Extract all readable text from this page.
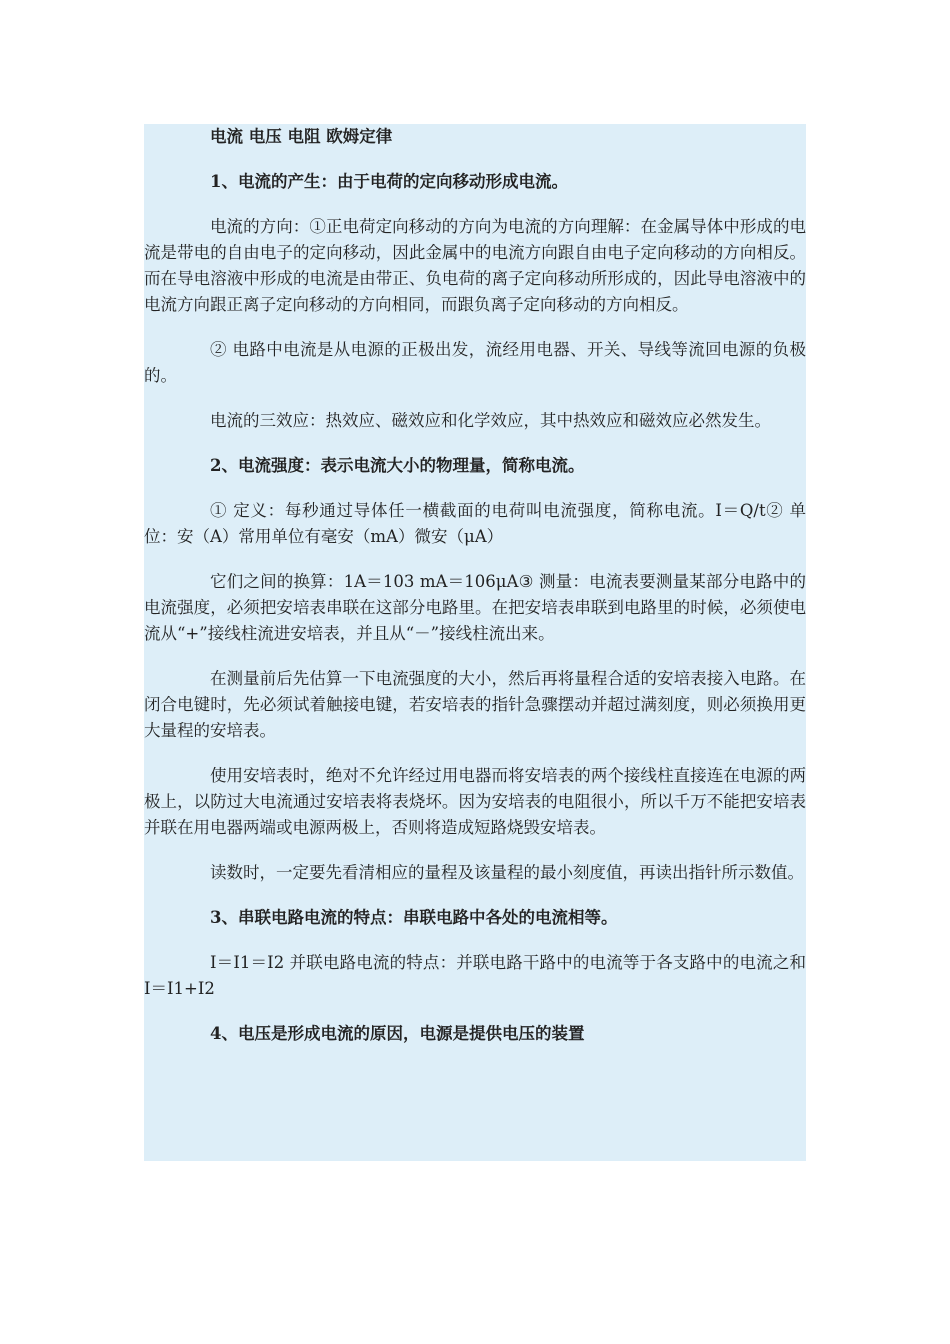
电流 电压 电阻 欧姆定律

1、电流的产生：由于电荷的定向移动形成电流。

电流的方向：①正电荷定向移动的方向为电流的方向理解：在金属导体中形成的电流是带电的自由电子的定向移动，因此金属中的电流方向跟自由电子定向移动的方向相反。而在导电溶液中形成的电流是由带正、负电荷的离子定向移动所形成的，因此导电溶液中的电流方向跟正离子定向移动的方向相同，而跟负离子定向移动的方向相反。

② 电路中电流是从电源的正极出发，流经用电器、开关、导线等流回电源的负极的。

电流的三效应：热效应、磁效应和化学效应，其中热效应和磁效应必然发生。

2、电流强度：表示电流大小的物理量，简称电流。

① 定义：每秒通过导体任一横截面的电荷叫电流强度，简称电流。I＝Q/t② 单位：安（A）常用单位有毫安（mA）微安（μA）

它们之间的换算：1A＝103 mA＝106μA③ 测量：电流表要测量某部分电路中的电流强度，必须把安培表串联在这部分电路里。在把安培表串联到电路里的时候，必须使电流从“+”接线柱流进安培表，并且从“－”接线柱流出来。

在测量前后先估算一下电流强度的大小，然后再将量程合适的安培表接入电路。在闭合电键时，先必须试着触接电键，若安培表的指针急骤摆动并超过满刻度，则必须换用更大量程的安培表。

使用安培表时，绝对不允许经过用电器而将安培表的两个接线柱直接连在电源的两极上，以防过大电流通过安培表将表烧坏。因为安培表的电阻很小，所以千万不能把安培表并联在用电器两端或电源两极上，否则将造成短路烧毁安培表。

读数时，一定要先看清相应的量程及该量程的最小刻度值，再读出指针所示数值。

3、串联电路电流的特点：串联电路中各处的电流相等。

I＝I1＝I2 并联电路电流的特点：并联电路干路中的电流等于各支路中的电流之和 I＝I1+I2

4、电压是形成电流的原因，电源是提供电压的装置
